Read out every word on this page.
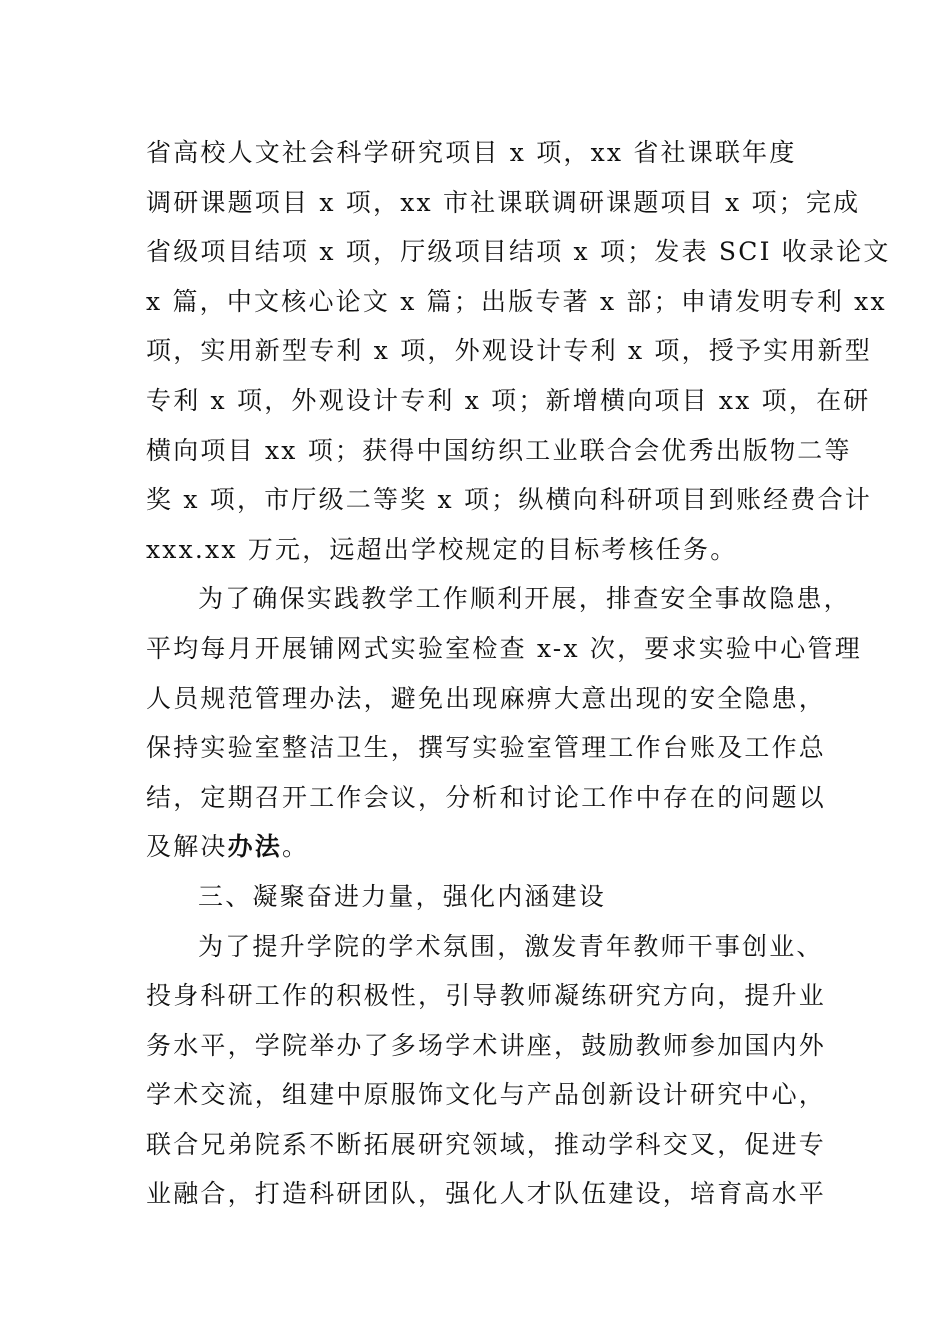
省高校人文社会科学研究项目 x 项，xx 省社课联年度
调研课题项目 x 项，xx 市社课联调研课题项目 x 项；完成
省级项目结项 x 项，厅级项目结项 x 项；发表 SCI 收录论文
x 篇，中文核心论文 x 篇；出版专著 x 部；申请发明专利 xx
项，实用新型专利 x 项，外观设计专利 x 项，授予实用新型
专利 x 项，外观设计专利 x 项；新增横向项目 xx 项，在研
横向项目 xx 项；获得中国纺织工业联合会优秀出版物二等
奖 x 项，市厅级二等奖 x 项；纵横向科研项目到账经费合计
xxx.xx 万元，远超出学校规定的目标考核任务。
为了确保实践教学工作顺利开展，排查安全事故隐患，
平均每月开展铺网式实验室检查 x-x 次，要求实验中心管理
人员规范管理办法，避免出现麻痹大意出现的安全隐患，
保持实验室整洁卫生，撰写实验室管理工作台账及工作总
结，定期召开工作会议，分析和讨论工作中存在的问题以
及解决办法。
三、凝聚奋进力量，强化内涵建设
为了提升学院的学术氛围，激发青年教师干事创业、
投身科研工作的积极性，引导教师凝练研究方向，提升业
务水平，学院举办了多场学术讲座，鼓励教师参加国内外
学术交流，组建中原服饰文化与产品创新设计研究中心，
联合兄弟院系不断拓展研究领域，推动学科交叉，促进专
业融合，打造科研团队，强化人才队伍建设，培育高水平
